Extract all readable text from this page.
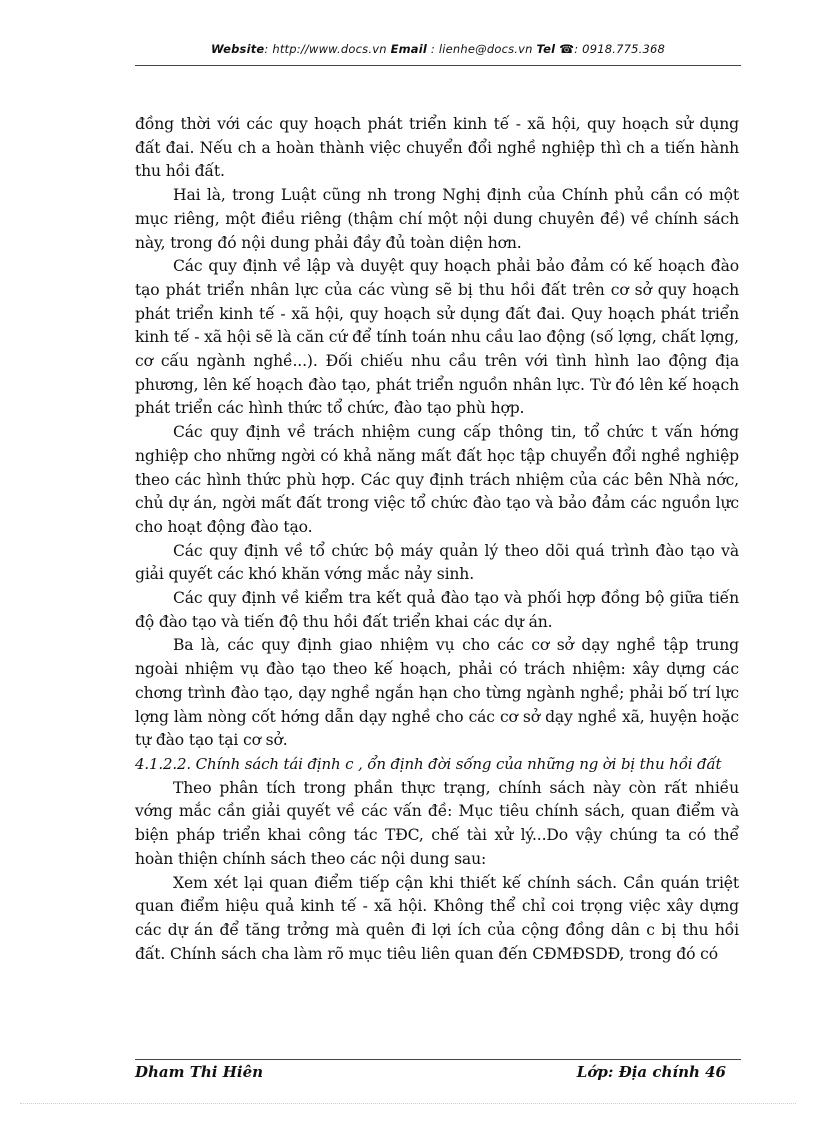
Website: http://www.docs.vn Email : lienhe@docs.vn Tel ☎: 0918.775.368

đồng thời với các quy hoạch phát triển kinh tế - xã hội, quy hoạch sử dụng đất đai. Nếu ch a hoàn thành việc chuyển đổi nghề nghiệp thì ch a tiến hành thu hồi đất.

Hai là, trong Luật cũng nh trong Nghị định của Chính phủ cần có một mục riêng, một điều riêng (thậm chí một nội dung chuyên đề) về chính sách này, trong đó nội dung phải đầy đủ toàn diện hơn.

Các quy định về lập và duyệt quy hoạch phải bảo đảm có kế hoạch đào tạo phát triển nhân lực của các vùng sẽ bị thu hồi đất trên cơ sở quy hoạch phát triển kinh tế - xã hội, quy hoạch sử dụng đất đai. Quy hoạch phát triển kinh tế - xã hội sẽ là căn cứ để tính toán nhu cầu lao động (số lợng, chất lợng, cơ cấu ngành nghề...). Đối chiếu nhu cầu trên với tình hình lao động địa phương, lên kế hoạch đào tạo, phát triển nguồn nhân lực. Từ đó lên kế hoạch phát triển các hình thức tổ chức, đào tạo phù hợp.

Các quy định về trách nhiệm cung cấp thông tin, tổ chức t vấn hớng nghiệp cho những ngời có khả năng mất đất học tập chuyển đổi nghề nghiệp theo các hình thức phù hợp. Các quy định trách nhiệm của các bên Nhà nớc, chủ dự án, ngời mất đất trong việc tổ chức đào tạo và bảo đảm các nguồn lực cho hoạt động đào tạo.

Các quy định về tổ chức bộ máy quản lý theo dõi quá trình đào tạo và giải quyết các khó khăn vớng mắc nảy sinh.

Các quy định về kiểm tra kết quả đào tạo và phối hợp đồng bộ giữa tiến độ đào tạo và tiến độ thu hồi đất triển khai các dự án.

Ba là, các quy định giao nhiệm vụ cho các cơ sở dạy nghề tập trung ngoài nhiệm vụ đào tạo theo kế hoạch, phải có trách nhiệm: xây dựng các chơng trình đào tạo, dạy nghề ngắn hạn cho từng ngành nghề; phải bố trí lực lợng làm nòng cốt hớng dẫn dạy nghề cho các cơ sở dạy nghề xã, huyện hoặc tự đào tạo tại cơ sở.

4.1.2.2. Chính sách tái định c , ổn định đời sống của những ng ời bị thu hồi đất

Theo phân tích trong phần thực trạng, chính sách này còn rất nhiều vớng mắc cần giải quyết về các vấn đề: Mục tiêu chính sách, quan điểm và biện pháp triển khai công tác TĐC, chế tài xử lý...Do vậy chúng ta có thể hoàn thiện chính sách theo các nội dung sau:

Xem xét lại quan điểm tiếp cận khi thiết kế chính sách. Cần quán triệt quan điểm hiệu quả kinh tế - xã hội. Không thể chỉ coi trọng việc xây dựng các dự án để tăng trởng mà quên đi lợi ích của cộng đồng dân c bị thu hồi đất. Chính sách cha làm rõ mục tiêu liên quan đến CĐMĐSDĐ, trong đó có

Dham Thi Hiên	Lớp: Địa chính 46
